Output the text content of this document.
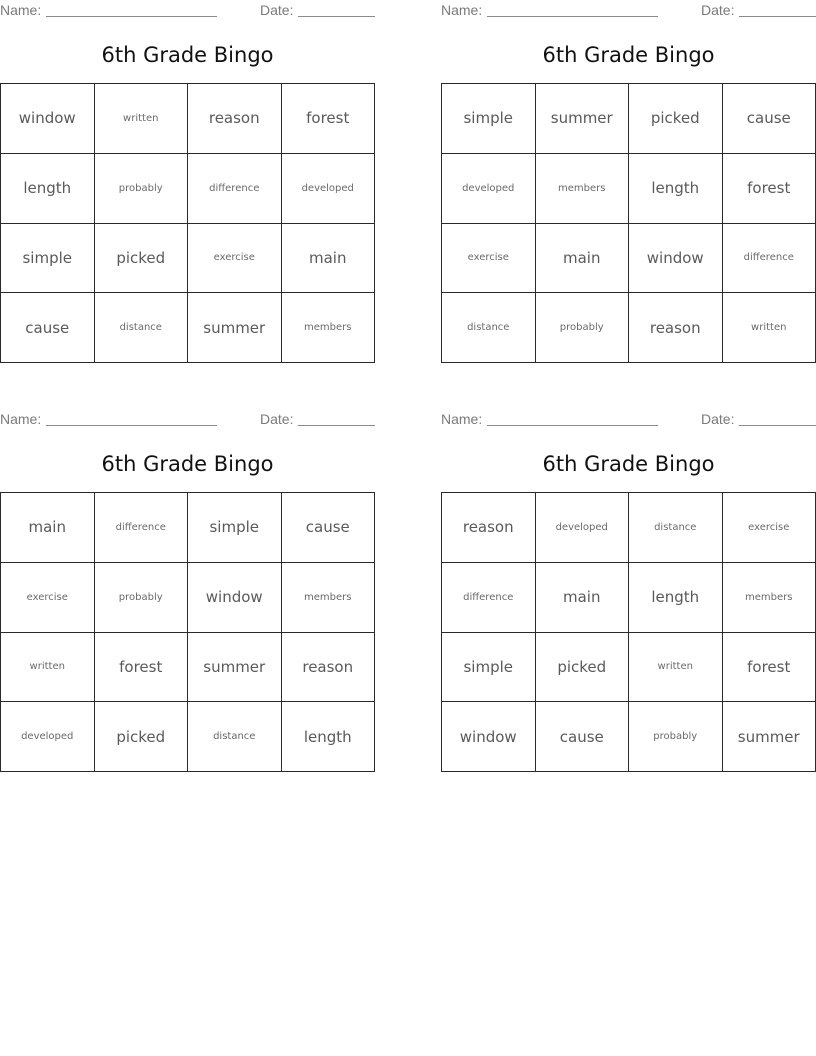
Name:	Date:
6th Grade Bingo
window	written	reason	forest
length	probably	difference	developed
simple	picked	exercise	main
cause	distance	summer	members
Name:	Date:
6th Grade Bingo
simple	summer	picked	cause
developed	members	length	forest
exercise	main	window	difference
distance	probably	reason	written
Name:	Date:
6th Grade Bingo
main	difference	simple	cause
exercise	probably	window	members
written	forest	summer	reason
developed	picked	distance	length
Name:	Date:
6th Grade Bingo
reason	developed	distance	exercise
difference	main	length	members
simple	picked	written	forest
window	cause	probably	summer
